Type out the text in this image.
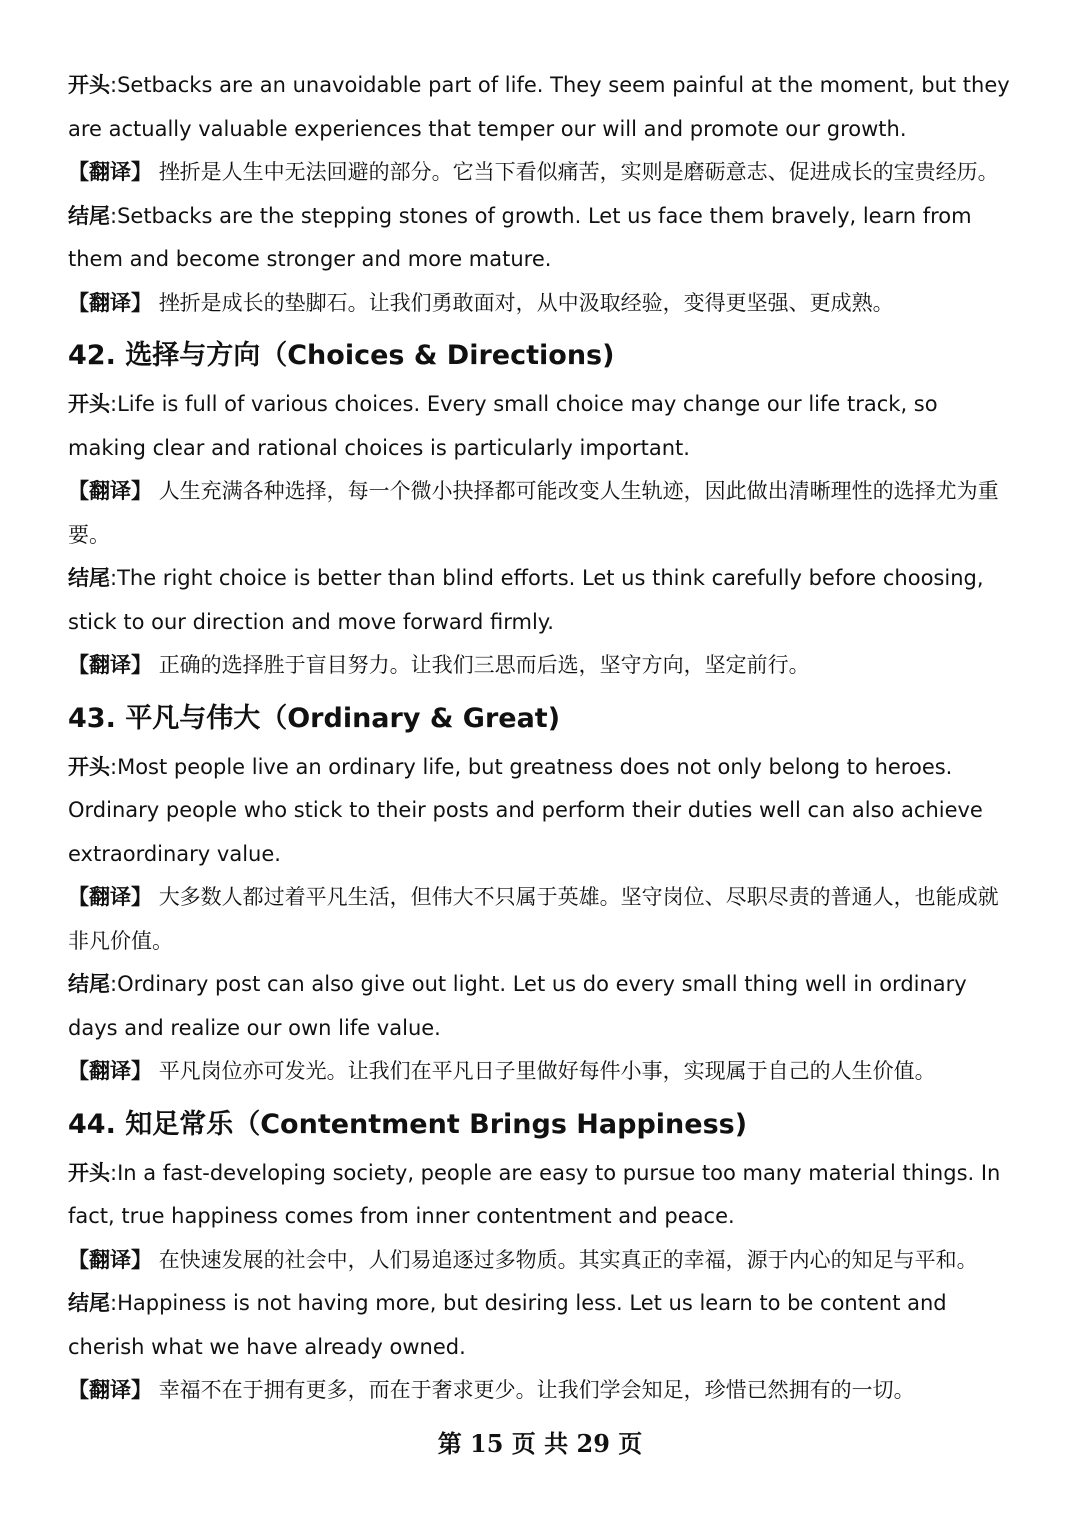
开头:Setbacks are an unavoidable part of life. They seem painful at the moment, but they are actually valuable experiences that temper our will and promote our growth.
【翻译】 挫折是人生中无法回避的部分。它当下看似痛苦，实则是磨砺意志、促进成长的宝贵经历。
结尾:Setbacks are the stepping stones of growth. Let us face them bravely, learn from them and become stronger and more mature.
【翻译】 挫折是成长的垫脚石。让我们勇敢面对，从中汲取经验，变得更坚强、更成熟。
42. 选择与方向（Choices & Directions)
开头:Life is full of various choices. Every small choice may change our life track, so making clear and rational choices is particularly important.
【翻译】 人生充满各种选择，每一个微小抉择都可能改变人生轨迹，因此做出清晰理性的选择尤为重要。
结尾:The right choice is better than blind efforts. Let us think carefully before choosing, stick to our direction and move forward firmly.
【翻译】 正确的选择胜于盲目努力。让我们三思而后选，坚守方向，坚定前行。
43. 平凡与伟大（Ordinary & Great)
开头:Most people live an ordinary life, but greatness does not only belong to heroes. Ordinary people who stick to their posts and perform their duties well can also achieve extraordinary value.
【翻译】 大多数人都过着平凡生活，但伟大不只属于英雄。坚守岗位、尽职尽责的普通人，也能成就非凡价值。
结尾:Ordinary post can also give out light. Let us do every small thing well in ordinary days and realize our own life value.
【翻译】 平凡岗位亦可发光。让我们在平凡日子里做好每件小事，实现属于自己的人生价值。
44. 知足常乐（Contentment Brings Happiness)
开头:In a fast-developing society, people are easy to pursue too many material things. In fact, true happiness comes from inner contentment and peace.
【翻译】 在快速发展的社会中，人们易追逐过多物质。其实真正的幸福，源于内心的知足与平和。
结尾:Happiness is not having more, but desiring less. Let us learn to be content and cherish what we have already owned.
【翻译】 幸福不在于拥有更多，而在于奢求更少。让我们学会知足，珍惜已然拥有的一切。
第 15 页 共 29 页
